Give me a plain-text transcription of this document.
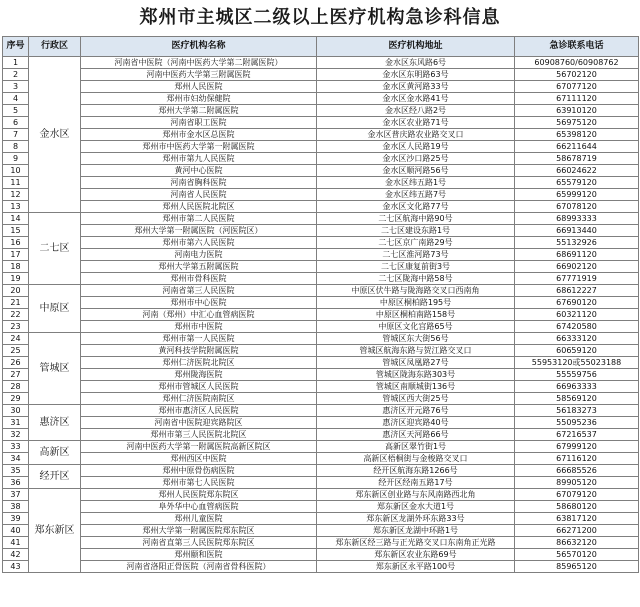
郑州市主城区二级以上医疗机构急诊科信息
序号	行政区	医疗机构名称	医疗机构地址	急诊联系电话
1	金水区	河南省中医院（河南中医药大学第二附属医院）	金水区东风路6号	60908760/60908762
2		河南中医药大学第三附属医院	金水区东明路63号	56702120
3		郑州人民医院	金水区黄河路33号	67077120
4		郑州市妇幼保健院	金水区金水路41号	67111120
5		郑州大学第二附属医院	金水区经八路2号	63910120
6		河南省职工医院	金水区农业路71号	56975120
7		郑州市金水区总医院	金水区普庆路农业路交叉口	65398120
8		郑州市中医药大学第一附属医院	金水区人民路19号	66211644
9		郑州市第九人民医院	金水区沙口路25号	58678719
10		黄河中心医院	金水区顺河路56号	66024622
11		河南省胸科医院	金水区纬五路1号	65579120
12		河南省人民医院	金水区纬五路7号	65999120
13		郑州人民医院北院区	金水区文化路77号	67078120
14	二七区	郑州市第二人民医院	二七区航海中路90号	68993333
15		郑州大学第一附属医院（河医院区）	二七区建设东路1号	66913440
16		郑州市第六人民医院	二七区京广南路29号	55132926
17		河南电力医院	二七区淮河路73号	68691120
18		郑州大学第五附属医院	二七区康复前街3号	66902120
19		郑州市骨科医院	二七区陇海中路58号	67771919
20	中原区	河南省第三人民医院	中原区伏牛路与陇海路交叉口西南角	68612227
21		郑州市中心医院	中原区桐柏路195号	67690120
22		河南（郑州）中汇心血管病医院	中原区桐柏南路158号	60321120
23		郑州市中医院	中原区文化宫路65号	67420580
24	管城区	郑州市第一人民医院	管城区东大街56号	66333120
25		黄河科技学院附属医院	管城区航海东路与贺江路交叉口	60659120
26		郑州仁济医院北院区	管城区凤凰路27号	55953120或55023188
27		郑州陇海医院	管城区陇海东路303号	55559756
28		郑州市管城区人民医院	管城区南顺城街136号	66963333
29		郑州仁济医院南院区	管城区西大街25号	58569120
30	惠济区	郑州市惠济区人民医院	惠济区开元路76号	56183273
31		河南省中医院迎宾路院区	惠济区迎宾路40号	55095236
32		郑州市第三人民医院北院区	惠济区天河路66号	67216537
33	高新区	河南中医药大学第一附属医院高新区院区	高新区翠竹街1号	67999120
34		郑州西区中医院	高新区梧桐街与金梭路交叉口	67116120
35	经开区	郑州中原骨伤病医院	经开区航海东路1266号	66685526
36		郑州市第七人民医院	经开区经南五路17号	89905120
37	郑东新区	郑州人民医院郑东院区	郑东新区创业路与东风南路西北角	67079120
38		阜外华中心血管病医院	郑东新区金水大道1号	58680120
39		郑州儿童医院	郑东新区龙湖外环东路33号	63817120
40		郑州大学第一附属医院郑东院区	郑东新区龙湖中环路1号	66271200
41		河南省直第三人民医院郑东院区	郑东新区经三路与正光路交叉口东南角正光路	86632120
42		郑州颐和医院	郑东新区农业东路69号	56570120
43		河南省洛阳正骨医院（河南省骨科医院）	郑东新区永平路100号	85965120
